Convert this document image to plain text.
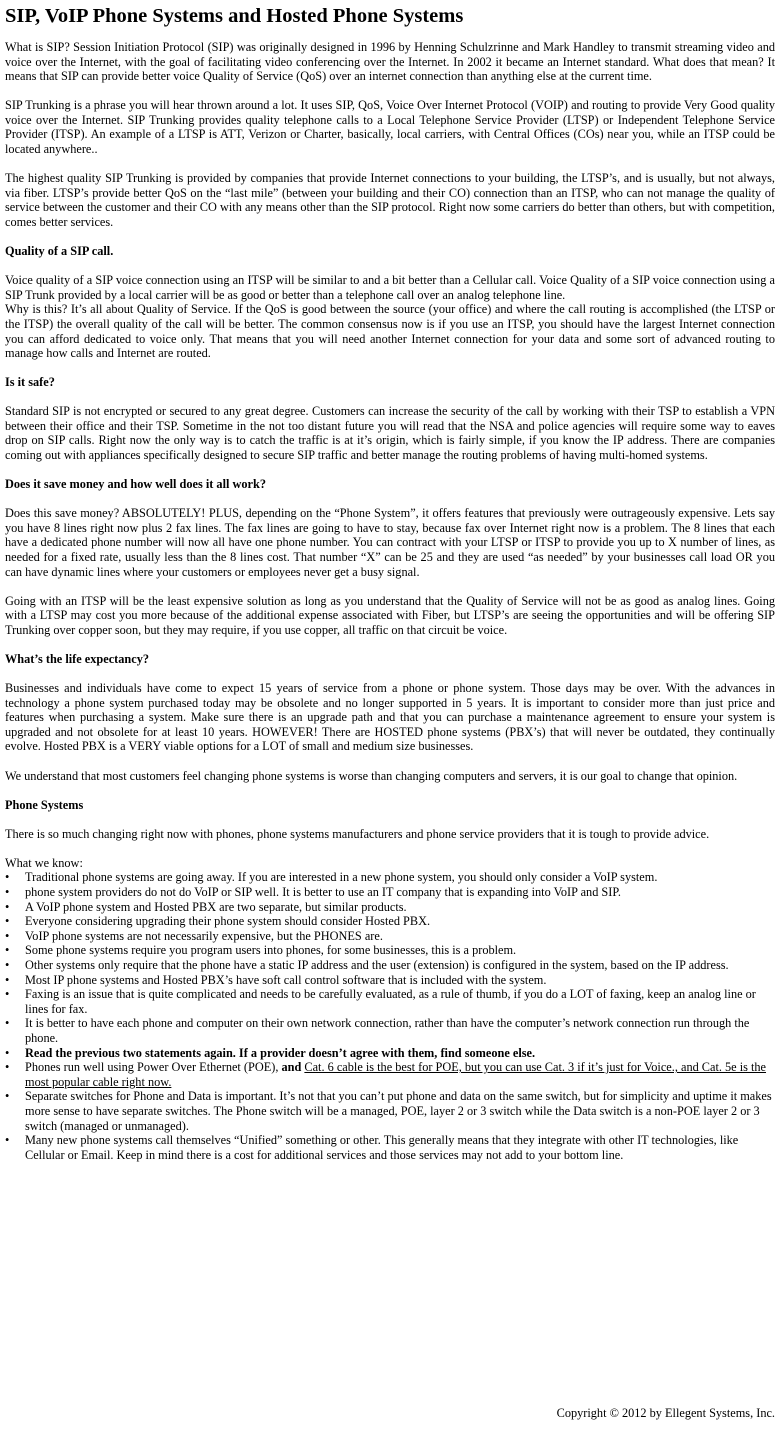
SIP, VoIP Phone Systems and Hosted Phone Systems

What is SIP? Session Initiation Protocol (SIP) was originally designed in 1996 by Henning Schulzrinne and Mark Handley to transmit streaming video and voice over the Internet, with the goal of facilitating video conferencing over the Internet. In 2002 it became an Internet standard. What does that mean? It means that SIP can provide better voice Quality of Service (QoS) over an internet connection than anything else at the current time.

SIP Trunking is a phrase you will hear thrown around a lot. It uses SIP, QoS, Voice Over Internet Protocol (VOIP) and routing to provide Very Good quality voice over the Internet. SIP Trunking provides quality telephone calls to a Local Telephone Service Provider (LTSP) or Independent Telephone Service Provider (ITSP). An example of a LTSP is ATT, Verizon or Charter, basically, local carriers, with Central Offices (COs) near you, while an ITSP could be located anywhere..

The highest quality SIP Trunking is provided by companies that provide Internet connections to your building, the LTSP’s, and is usually, but not always, via fiber. LTSP’s provide better QoS on the “last mile” (between your building and their CO) connection than an ITSP, who can not manage the quality of service between the customer and their CO with any means other than the SIP protocol. Right now some carriers do better than others, but with competition, comes better services.

Quality of a SIP call.

Voice quality of a SIP voice connection using an ITSP will be similar to and a bit better than a Cellular call. Voice Quality of a SIP voice connection using a SIP Trunk provided by a local carrier will be as good or better than a telephone call over an analog telephone line.

Why is this? It’s all about Quality of Service. If the QoS is good between the source (your office) and where the call routing is accomplished (the LTSP or the ITSP) the overall quality of the call will be better. The common consensus now is if you use an ITSP, you should have the largest Internet connection you can afford dedicated to voice only. That means that you will need another Internet connection for your data and some sort of advanced routing to manage how calls and Internet are routed.

Is it safe?

Standard SIP is not encrypted or secured to any great degree. Customers can increase the security of the call by working with their TSP to establish a VPN between their office and their TSP. Sometime in the not too distant future you will read that the NSA and police agencies will require some way to eaves drop on SIP calls. Right now the only way is to catch the traffic is at it’s origin, which is fairly simple, if you know the IP address. There are companies coming out with appliances specifically designed to secure SIP traffic and better manage the routing problems of having multi-homed systems.

Does it save money and how well does it all work?

Does this save money? ABSOLUTELY! PLUS, depending on the “Phone System”, it offers features that previously were outrageously expensive. Lets say you have 8 lines right now plus 2 fax lines. The fax lines are going to have to stay, because fax over Internet right now is a problem. The 8 lines that each have a dedicated phone number will now all have one phone number. You can contract with your LTSP or ITSP to provide you up to X number of lines, as needed for a fixed rate, usually less than the 8 lines cost. That number “X” can be 25 and they are used “as needed” by your businesses call load OR you can have dynamic lines where your customers or employees never get a busy signal.

Going with an ITSP will be the least expensive solution as long as you understand that the Quality of Service will not be as good as analog lines. Going with a LTSP may cost you more because of the additional expense associated with Fiber, but LTSP’s are seeing the opportunities and will be offering SIP Trunking over copper soon, but they may require, if you use copper, all traffic on that circuit be voice.

What’s the life expectancy?

Businesses and individuals have come to expect 15 years of service from a phone or phone system. Those days may be over. With the advances in technology a phone system purchased today may be obsolete and no longer supported in 5 years. It is important to consider more than just price and features when purchasing a system. Make sure there is an upgrade path and that you can purchase a maintenance agreement to ensure your system is upgraded and not obsolete for at least 10 years. HOWEVER! There are HOSTED phone systems (PBX’s) that will never be outdated, they continually evolve. Hosted PBX is a VERY viable options for a LOT of small and medium size businesses.

We understand that most customers feel changing phone systems is worse than changing computers and servers, it is our goal to change that opinion.

Phone Systems

There is so much changing right now with phones, phone systems manufacturers and phone service providers that it is tough to provide advice.

What we know:

•	Traditional phone systems are going away. If you are interested in a new phone system, you should only consider a VoIP system.
•	phone system providers do not do VoIP or SIP well. It is better to use an IT company that is expanding into VoIP and SIP.
•	A VoIP phone system and Hosted PBX are two separate, but similar products.
•	Everyone considering upgrading their phone system should consider Hosted PBX.
•	VoIP phone systems are not necessarily expensive, but the PHONES are.
•	Some phone systems require you program users into phones, for some businesses, this is a problem.
•	Other systems only require that the phone have a static IP address and the user (extension) is configured in the system, based on the IP address.
•	Most IP phone systems and Hosted PBX’s have soft call control software that is included with the system.
•	Faxing is an issue that is quite complicated and needs to be carefully evaluated, as a rule of thumb, if you do a LOT of faxing, keep an analog line or lines for fax.
•	It is better to have each phone and computer on their own network connection, rather than have the computer’s network connection run through the phone.
•	Read the previous two statements again. If a provider doesn’t agree with them, find someone else.
•	Phones run well using Power Over Ethernet (POE), and Cat. 6 cable is the best for POE, but you can use Cat. 3 if it’s just for Voice., and Cat. 5e is the most popular cable right now.
•	Separate switches for Phone and Data is important. It’s not that you can’t put phone and data on the same switch, but for simplicity and uptime it makes more sense to have separate switches. The Phone switch will be a managed, POE, layer 2 or 3 switch while the Data switch is a non-POE layer 2 or 3 switch (managed or unmanaged).
•	Many new phone systems call themselves “Unified” something or other. This generally means that they integrate with other IT technologies, like Cellular or Email. Keep in mind there is a cost for additional services and those services may not add to your bottom line.
Copyright © 2012 by Ellegent Systems, Inc.
